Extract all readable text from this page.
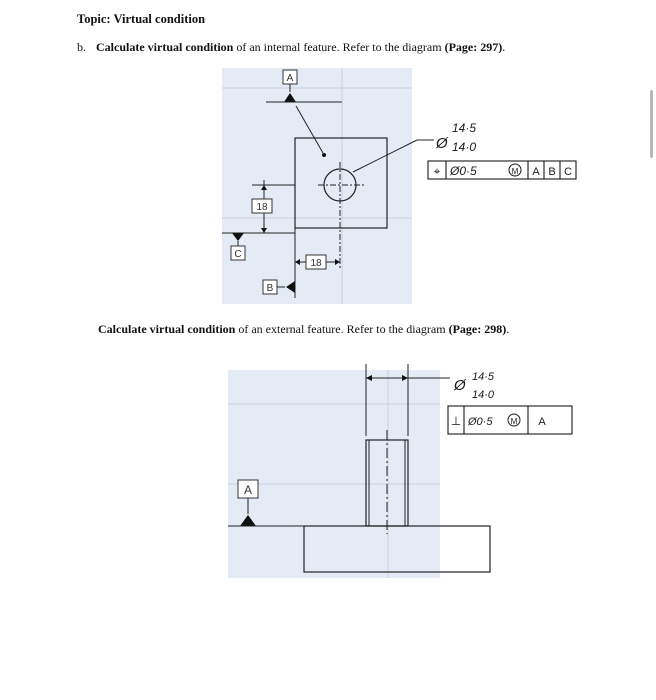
Topic: Virtual condition
b. Calculate virtual condition of an internal feature. Refer to the diagram (Page: 297).
A
18
C
18
B
Ø
14·5
14·0
⌖ Ø0·5	M A B C
Calculate virtual condition of an external feature. Refer to the diagram (Page: 298).
A
Ø 14·5
14·0
⊥ Ø0·5 M A
